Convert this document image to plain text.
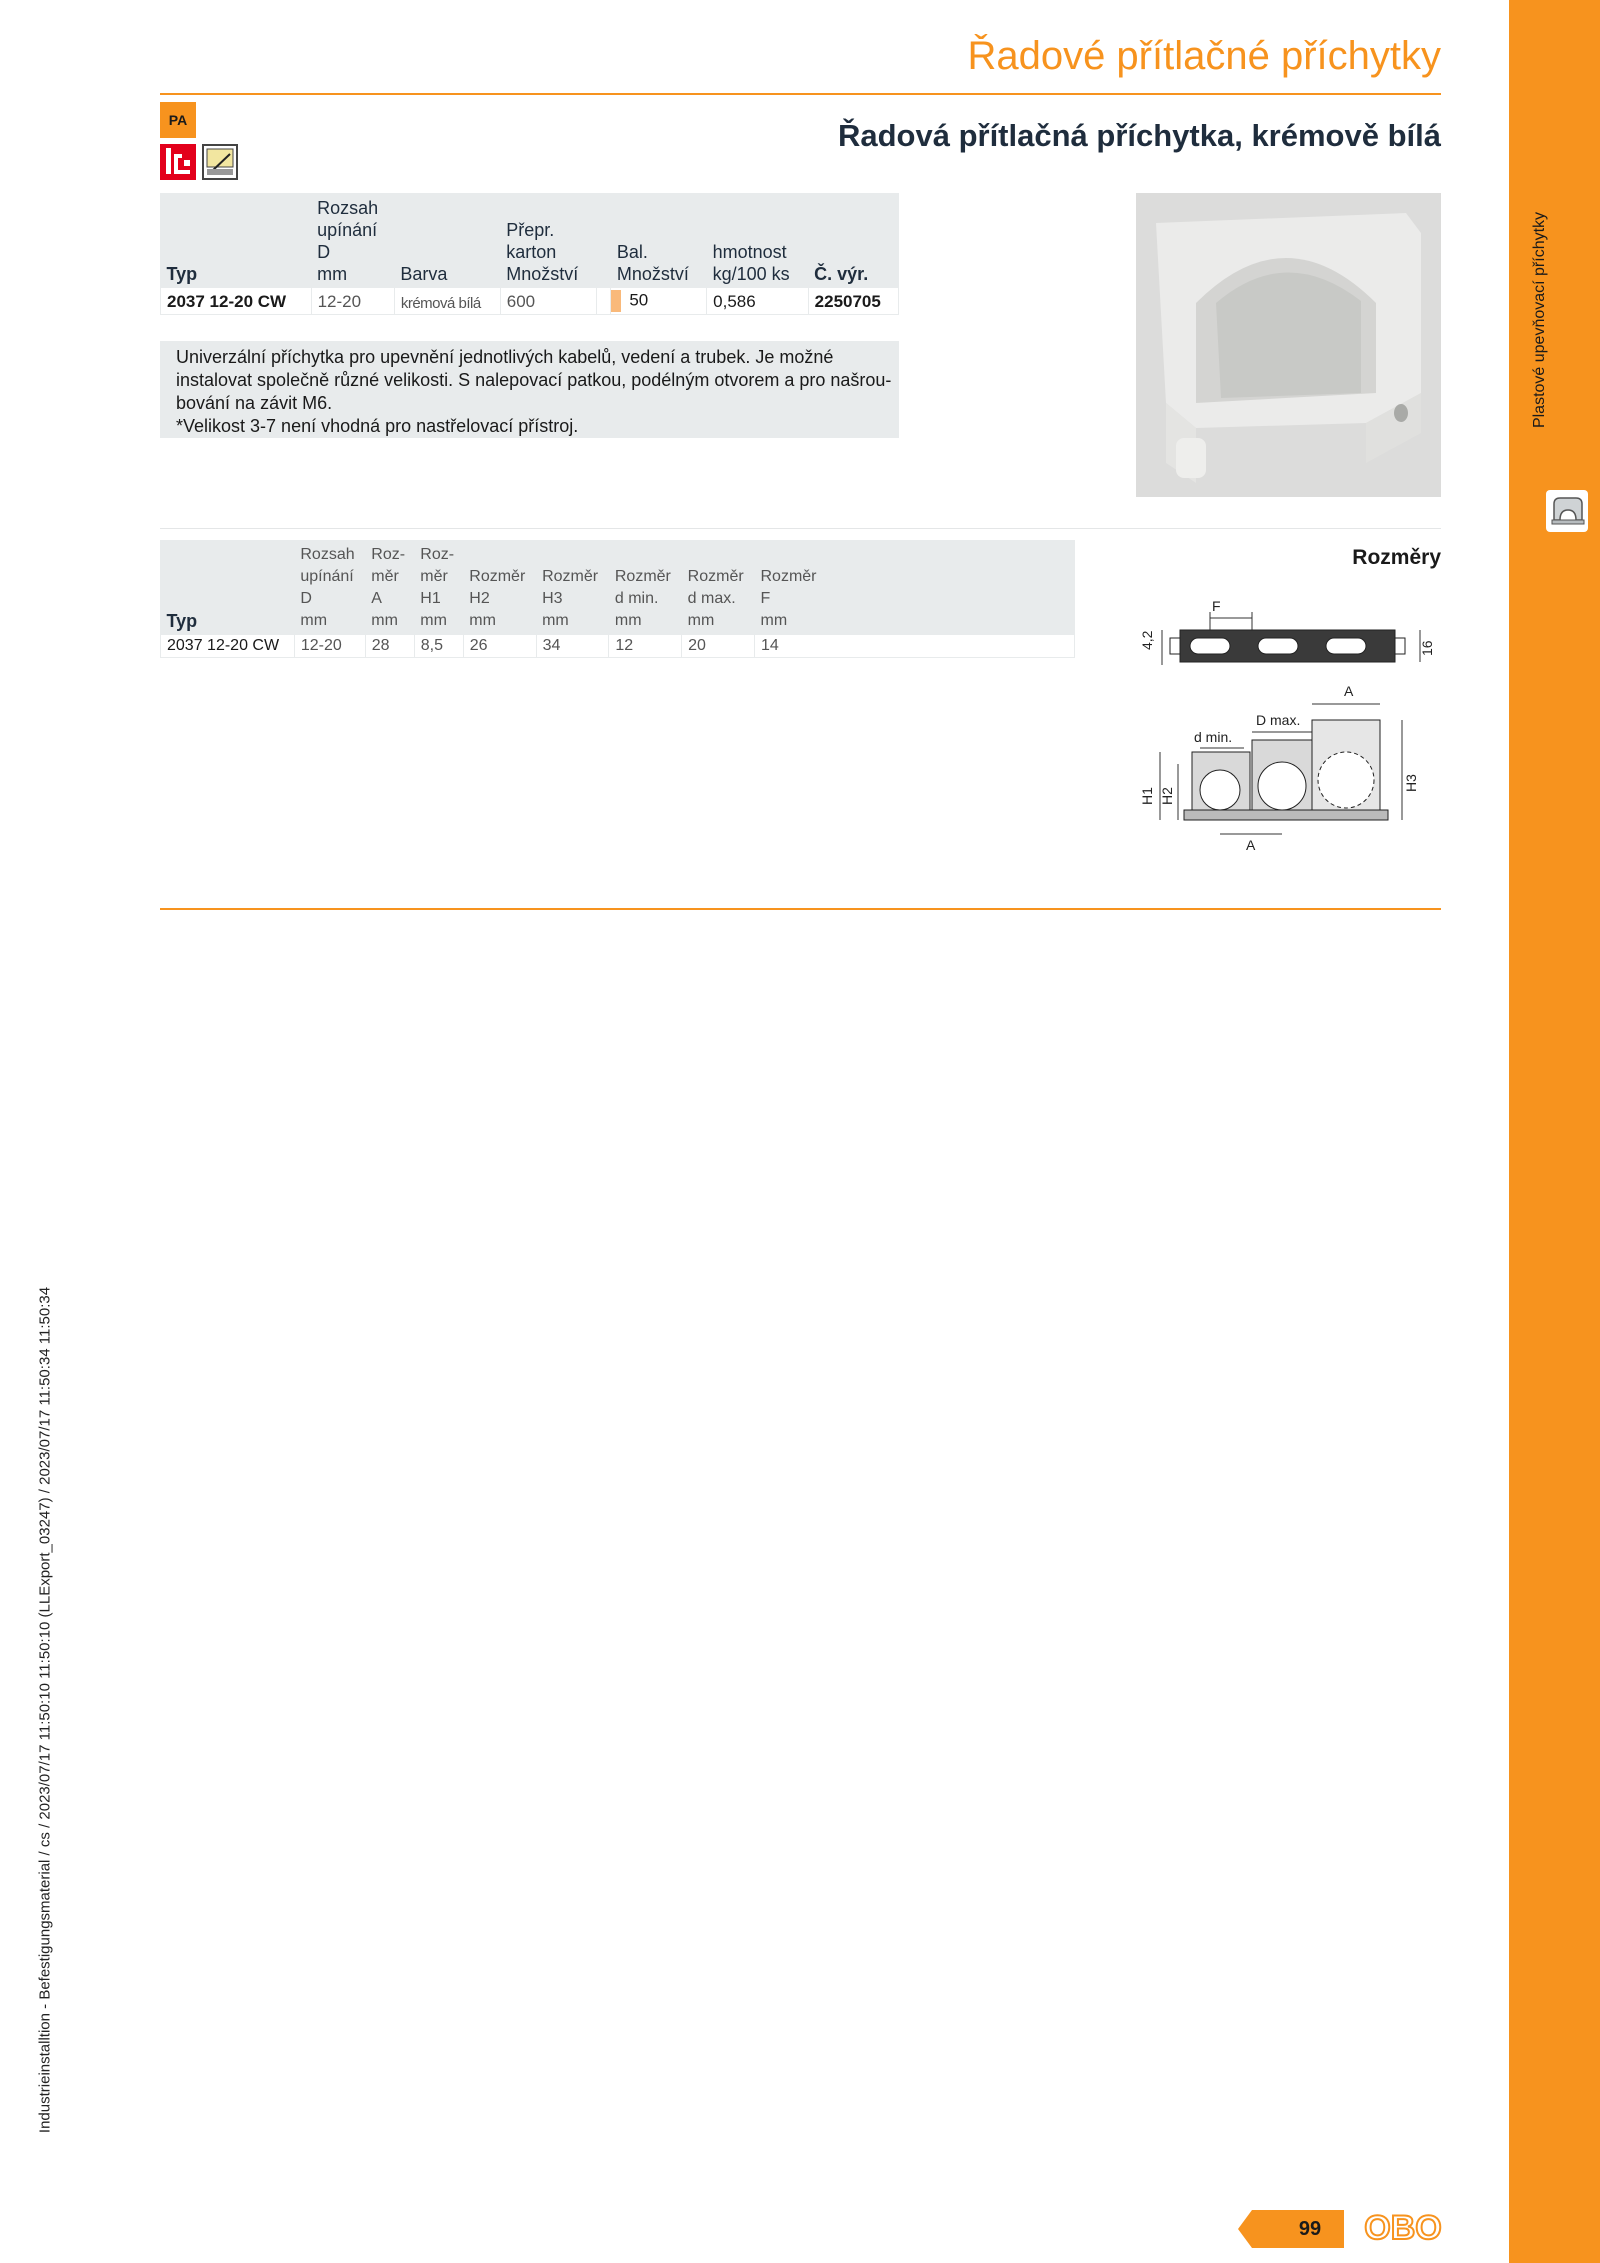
Plastové upevňovací příchytky
Industrieinstalltion - Befestigungsmaterial / cs / 2023/07/17 11:50:10 11:50:10 (LLExport_03247) / 2023/07/17 11:50:34 11:50:34
Řadové přítlačné příchytky
PA	Řadová přítlačná příchytka, krémově bílá
Typ	Rozsah
upínání
D
mm	Barva	Přepr.
karton
Množství		Bal.
Množství	hmotnost
kg/100 ks	Č. výr.
2037 12-20 CW	12-20	krémová bílá	600		50	0,586	2250705

Univerzální příchytka pro upevnění jednotlivých kabelů, vedení a trubek. Je možné

instalovat společně různé velikosti. S nalepovací patkou, podélným otvorem a pro našrou-

bování na závit M6.

*Velikost 3-7 není vhodná pro nastřelovací přístroj.

Typ	Rozsah
upínání
D
mm	Roz-
měr
A
mm	Roz-
měr
H1
mm	Rozměr
H2
mm	Rozměr
H3
mm	Rozměr
d min.
mm	Rozměr
d max.
mm	Rozměr
F
mm
2037 12-20 CW	12-20	28	8,5	26	34	12	20	14
Rozměry
F
4,2	16
A
D max.
d min.
H2
H1
H3
A
99	OBO
